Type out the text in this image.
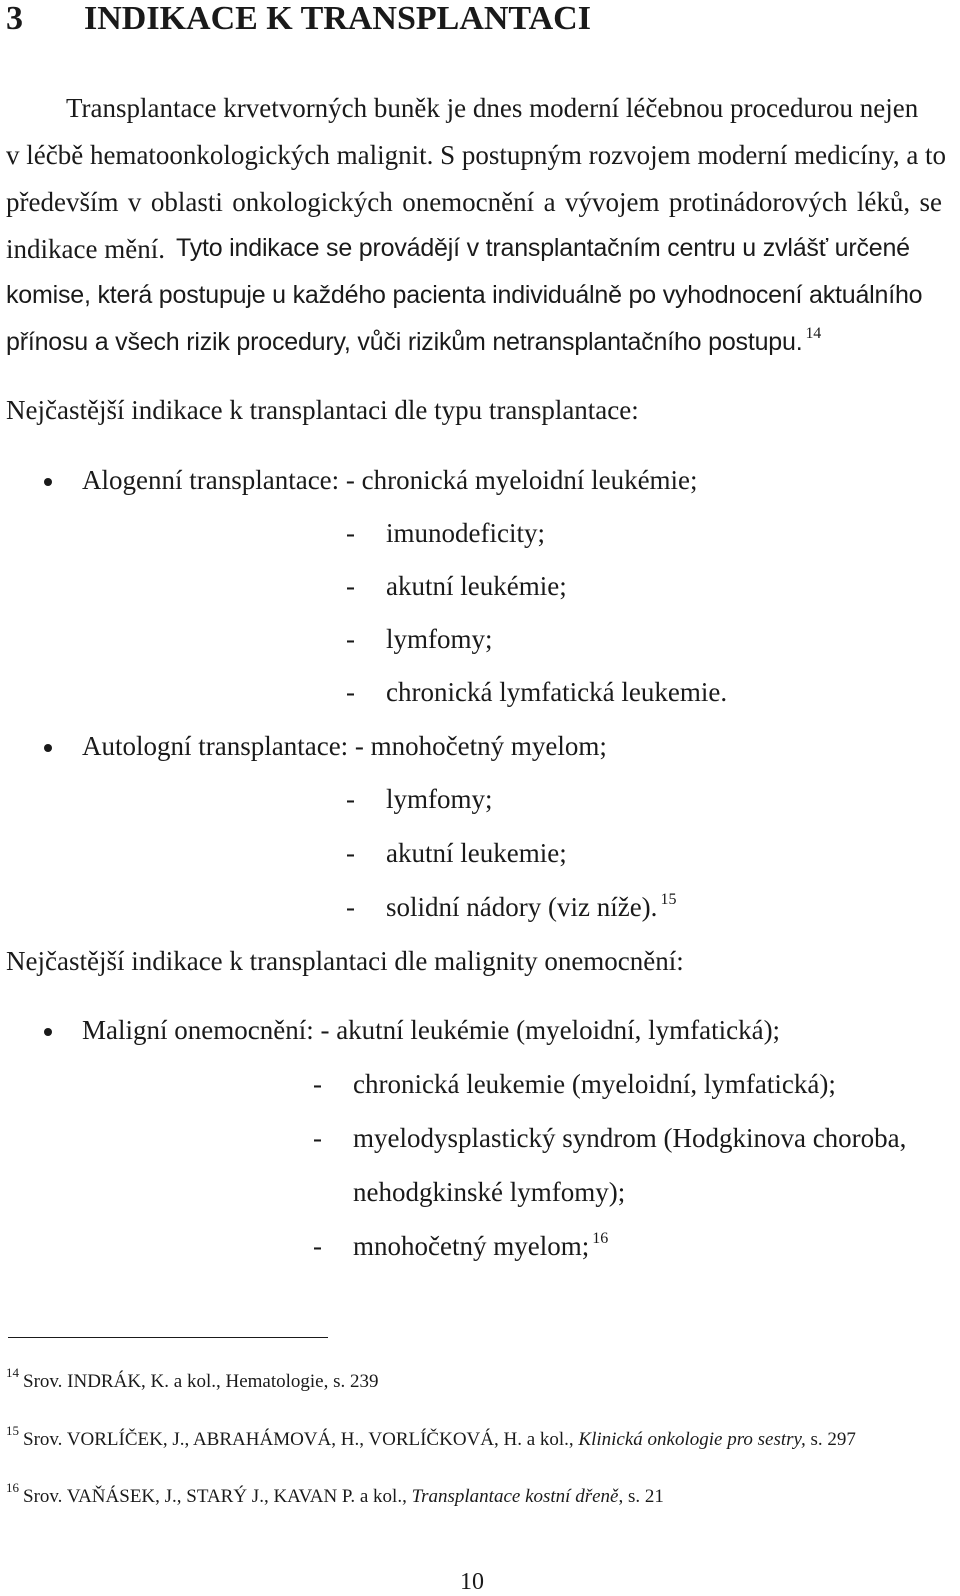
3 INDIKACE K TRANSPLANTACI
Transplantace krvetvorných buněk je dnes moderní léčebnou procedurou nejen
v léčbě hematoonkologických malignit. S postupným rozvojem moderní medicíny, a to
především v oblasti onkologických onemocnění a vývojem protinádorových léků, se
indikace mění. Tyto indikace se provádějí v transplantačním centru u zvlášť určené
komise, která postupuje u každého pacienta individuálně po vyhodnocení aktuálního
přínosu a všech rizik procedury, vůči rizikům netransplantačního postupu. $^{14}$
Nejčastější indikace k transplantaci dle typu transplantace:
Alogenní transplantace: - chronická myeloidní leukémie;
- imunodeficity;
- akutní leukémie;
- lymfomy;
- chronická lymfatická leukemie.
Autologní transplantace: - mnohočetný myelom;
- lymfomy;
- akutní leukemie;
- solidní nádory (viz níže). $^{15}$
Nejčastější indikace k transplantaci dle malignity onemocnění:
Maligní onemocnění: - akutní leukémie (myeloidní, lymfatická);
- chronická leukemie (myeloidní, lymfatická);
- myelodysplastický syndrom (Hodgkinova choroba,
nehodgkinské lymfomy);
- mnohočetný myelom; $^{16}$
$^{14}$ Srov. INDRÁK, K. a kol., Hematologie, s. 239
$^{15}$ Srov. VORLÍČEK, J., ABRAHÁMOVÁ, H., VORLÍČKOVÁ, H. a kol., Klinická onkologie pro sestry, s. 297
$^{16}$ Srov. VAŇÁSEK, J., STARÝ J., KAVAN P. a kol., Transplantace kostní dřeně, s. 21
10
